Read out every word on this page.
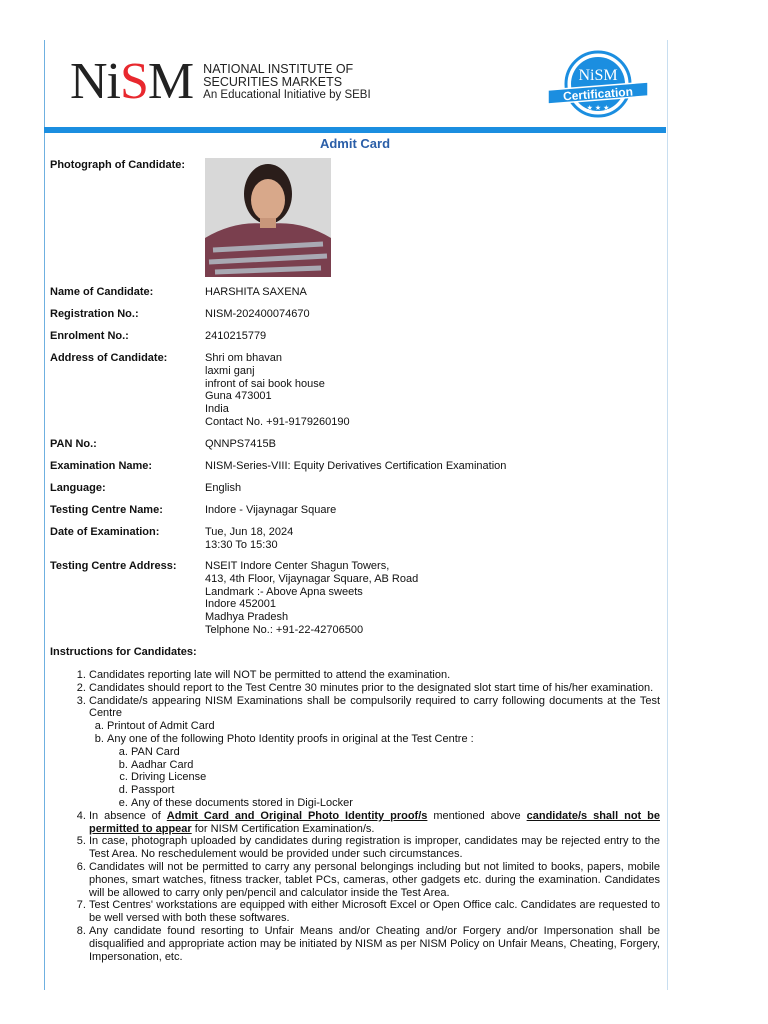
NiSM NATIONAL INSTITUTE OF
SECURITIES MARKETS
An Educational Initiative by SEBI
NiSM
Certification
★ ★ ★
Admit Card
Photograph of Candidate:
Name of Candidate:	HARSHITA SAXENA
Registration No.:	NISM-202400074670
Enrolment No.:	2410215779
Address of Candidate:	Shri om bhavan
laxmi ganj
infront of sai book house
Guna 473001
India
Contact No. +91-9179260190
PAN No.:	QNNPS7415B
Examination Name:	NISM-Series-VIII: Equity Derivatives Certification Examination
Language:	English
Testing Centre Name:	Indore - Vijaynagar Square
Date of Examination:	Tue, Jun 18, 2024
13:30 To 15:30
Testing Centre Address:	NSEIT Indore Center Shagun Towers,
413, 4th Floor, Vijaynagar Square, AB Road
Landmark :- Above Apna sweets
Indore 452001
Madhya Pradesh
Telphone No.: +91-22-42706500
Instructions for Candidates:
1. Candidates reporting late will NOT be permitted to attend the examination.
2. Candidates should report to the Test Centre 30 minutes prior to the designated slot start time of his/her examination.
3. Candidate/s appearing NISM Examinations shall be compulsorily required to carry following documents at the Test Centre
a. Printout of Admit Card
b. Any one of the following Photo Identity proofs in original at the Test Centre :
a. PAN Card
b. Aadhar Card
c. Driving License
d. Passport
e. Any of these documents stored in Digi-Locker
4. In absence of Admit Card and Original Photo Identity proof/s mentioned above candidate/s shall not be permitted to appear for NISM Certification Examination/s.
5. In case, photograph uploaded by candidates during registration is improper, candidates may be rejected entry to the Test Area. No reschedulement would be provided under such circumstances.
6. Candidates will not be permitted to carry any personal belongings including but not limited to books, papers, mobile phones, smart watches, fitness tracker, tablet PCs, cameras, other gadgets etc. during the examination. Candidates will be allowed to carry only pen/pencil and calculator inside the Test Area.
7. Test Centres' workstations are equipped with either Microsoft Excel or Open Office calc. Candidates are requested to be well versed with both these softwares.
8. Any candidate found resorting to Unfair Means and/or Cheating and/or Forgery and/or Impersonation shall be disqualified and appropriate action may be initiated by NISM as per NISM Policy on Unfair Means, Cheating, Forgery, Impersonation, etc.
